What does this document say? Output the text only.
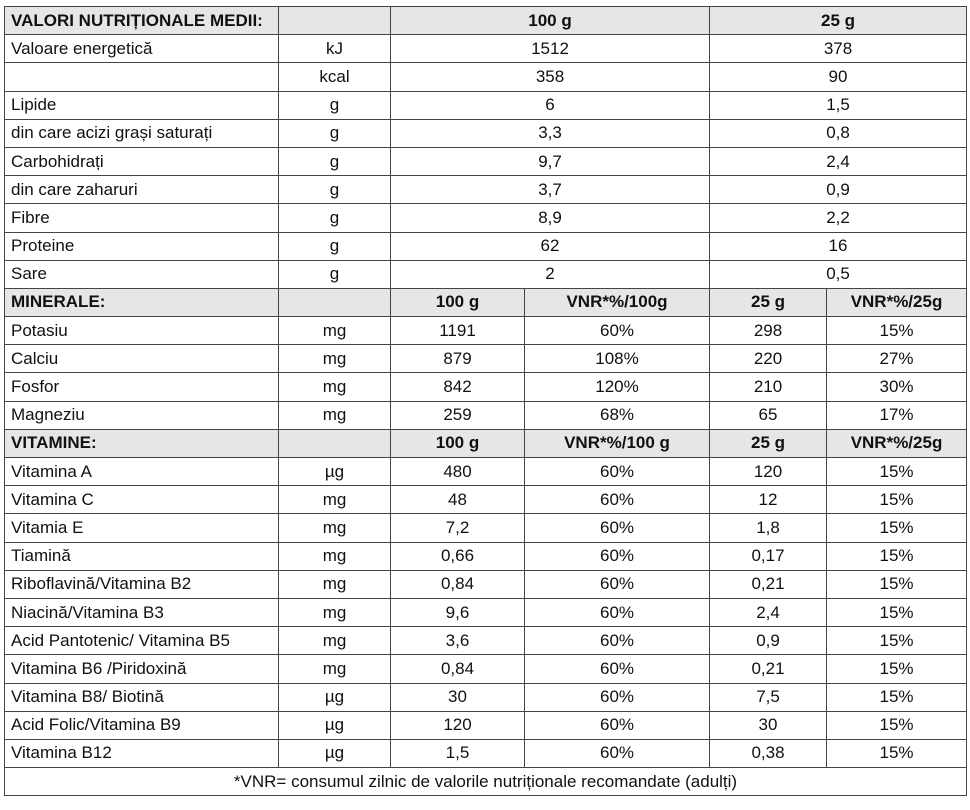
VALORI NUTRIȚIONALE MEDII:		100 g		25 g	
Valoare energetică	kJ	1512		378	
	kcal	358		90	
Lipide	g	6		1,5	
din care acizi grași saturați	g	3,3		0,8	
Carbohidrați	g	9,7		2,4	
din care zaharuri	g	3,7		0,9	
Fibre	g	8,9		2,2	
Proteine	g	62		16	
Sare	g	2		0,5	
MINERALE:		100 g	VNR*%/100g	25 g	VNR*%/25g
Potasiu	mg	1191	60%	298	15%
Calciu	mg	879	108%	220	27%
Fosfor	mg	842	120%	210	30%
Magneziu	mg	259	68%	65	17%
VITAMINE:		100 g	VNR*%/100 g	25 g	VNR*%/25g
Vitamina A	µg	480	60%	120	15%
Vitamina C	mg	48	60%	12	15%
Vitamia E	mg	7,2	60%	1,8	15%
Tiamină	mg	0,66	60%	0,17	15%
Riboflavină/Vitamina B2	mg	0,84	60%	0,21	15%
Niacină/Vitamina B3	mg	9,6	60%	2,4	15%
Acid Pantotenic/ Vitamina B5	mg	3,6	60%	0,9	15%
Vitamina B6 /Piridoxină	mg	0,84	60%	0,21	15%
Vitamina B8/ Biotină	µg	30	60%	7,5	15%
Acid Folic/Vitamina B9	µg	120	60%	30	15%
Vitamina B12	µg	1,5	60%	0,38	15%
*VNR= consumul zilnic de valorile nutriționale recomandate (adulți)					
